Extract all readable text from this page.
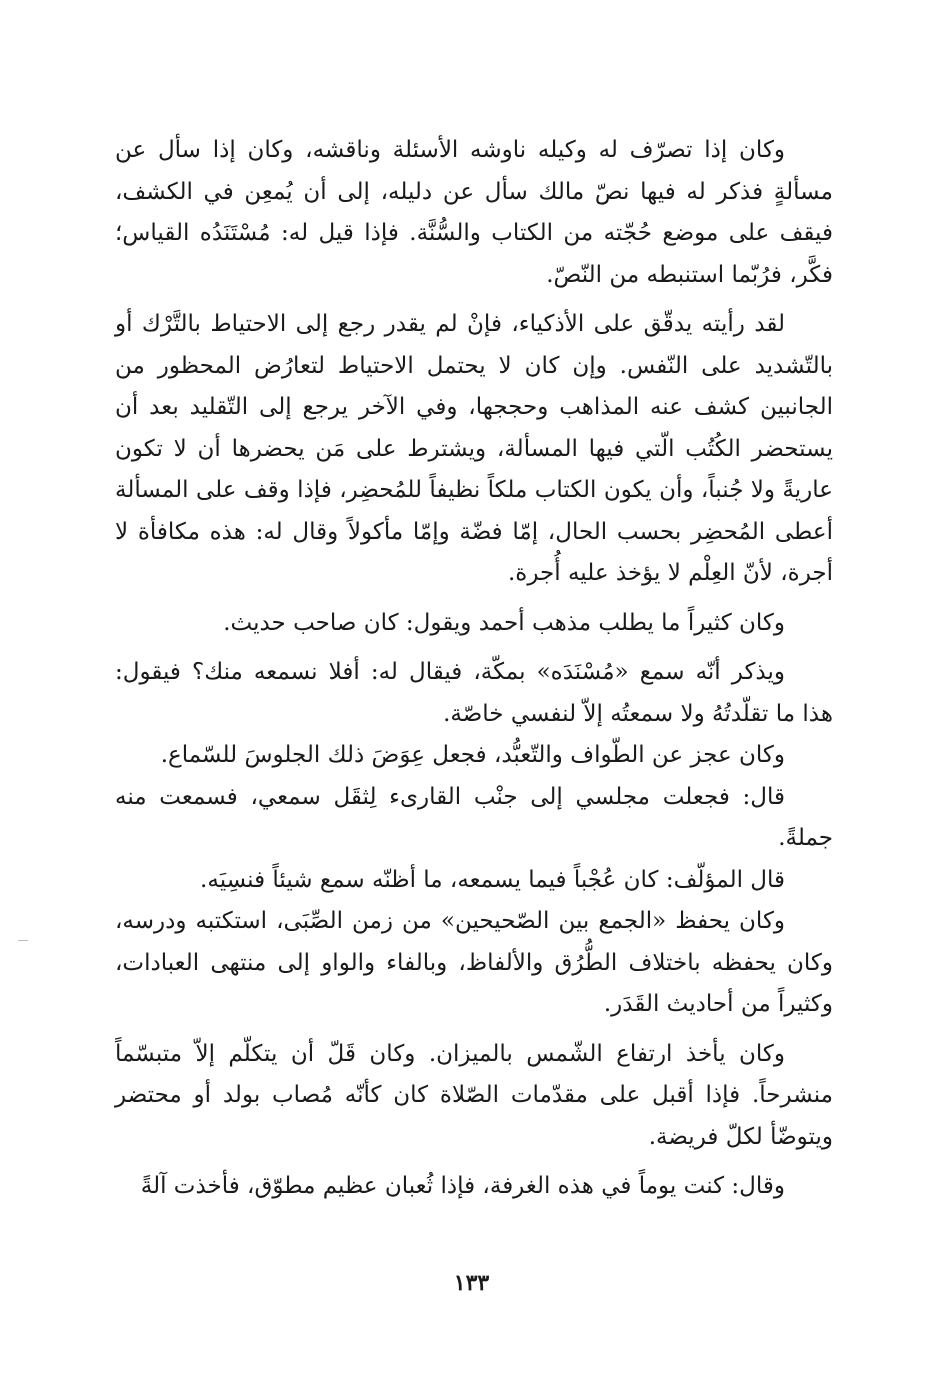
وكان إذا تصرّف له وكيله ناوشه الأسئلة وناقشه، وكان إذا سأل عن مسألةٍ فذكر له فيها نصّ مالك سأل عن دليله، إلى أن يُمعِن في الكشف، فيقف على موضع حُجّته من الكتاب والسُّنَّة. فإذا قيل له: مُسْتَنَدُه القياس؛ فكَّر، فرُبّما استنبطه من النّصّ.

لقد رأيته يدقّق على الأذكياء، فإنْ لم يقدر رجع إلى الاحتياط بالتَّرْك أو بالتّشديد على النّفس. وإن كان لا يحتمل الاحتياط لتعارُض المحظور من الجانبين كشف عنه المذاهب وحججها، وفي الآخر يرجع إلى التّقليد بعد أن يستحضر الكُتُب الّتي فيها المسألة، ويشترط على مَن يحضرها أن لا تكون عاريةً ولا جُنباً، وأن يكون الكتاب ملكاً نظيفاً للمُحضِر، فإذا وقف على المسألة أعطى المُحضِر بحسب الحال، إمّا فضّة وإمّا مأكولاً وقال له: هذه مكافأة لا أجرة، لأنّ العِلْم لا يؤخذ عليه أُجرة.

وكان كثيراً ما يطلب مذهب أحمد ويقول: كان صاحب حديث.

ويذكر أنّه سمع «مُسْنَدَه» بمكّة، فيقال له: أفلا نسمعه منك؟ فيقول: هذا ما تقلّدتُهُ ولا سمعتُه إلاّ لنفسي خاصّة.

وكان عجز عن الطّواف والتّعبُّد، فجعل عِوَضَ ذلك الجلوسَ للسّماع.

قال: فجعلت مجلسي إلى جنْب القارىء لِثقَل سمعي، فسمعت منه جملةً.

قال المؤلّف: كان عُجْباً فيما يسمعه، ما أظنّه سمع شيئاً فنسِيَه.

وكان يحفظ «الجمع بين الصّحيحين» من زمن الصِّبَى، استكتبه ودرسه، وكان يحفظه باختلاف الطُّرُق والألفاظ، وبالفاء والواو إلى منتهى العبادات، وكثيراً من أحاديث القَدَر.

وكان يأخذ ارتفاع الشّمس بالميزان. وكان قَلّ أن يتكلّم إلاّ متبسّماً منشرحاً. فإذا أقبل على مقدّمات الصّلاة كان كأنّه مُصاب بولد أو محتضر ويتوضّأ لكلّ فريضة.

وقال: كنت يوماً في هذه الغرفة، فإذا ثُعبان عظيم مطوّق، فأخذت آلةً

١٣٣
